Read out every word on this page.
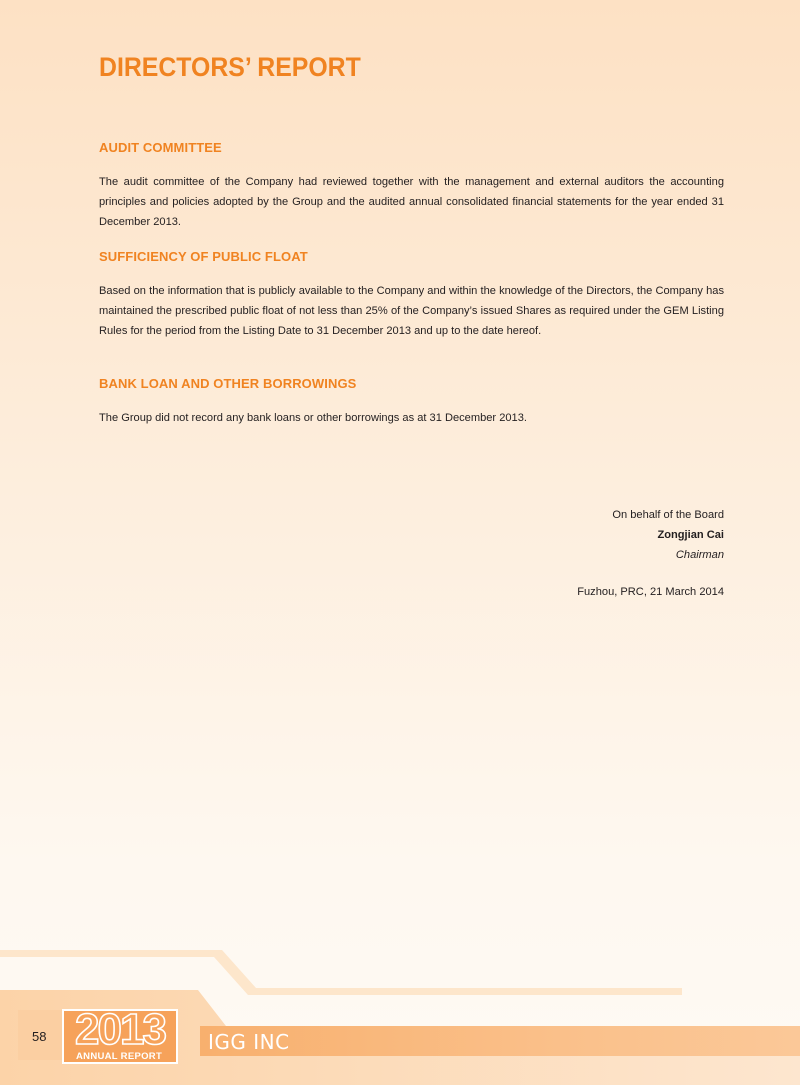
DIRECTORS’ REPORT
AUDIT COMMITTEE

The audit committee of the Company had reviewed together with the management and external auditors the accounting principles and policies adopted by the Group and the audited annual consolidated financial statements for the year ended 31 December 2013.

SUFFICIENCY OF PUBLIC FLOAT

Based on the information that is publicly available to the Company and within the knowledge of the Directors, the Company has maintained the prescribed public float of not less than 25% of the Company’s issued Shares as required under the GEM Listing Rules for the period from the Listing Date to 31 December 2013 and up to the date hereof.

BANK LOAN AND OTHER BORROWINGS

The Group did not record any bank loans or other borrowings as at 31 December 2013.

On behalf of the Board
Zongjian Cai
Chairman
Fuzhou, PRC, 21 March 2014
58 2013
ANNUAL REPORT
IGG INC
